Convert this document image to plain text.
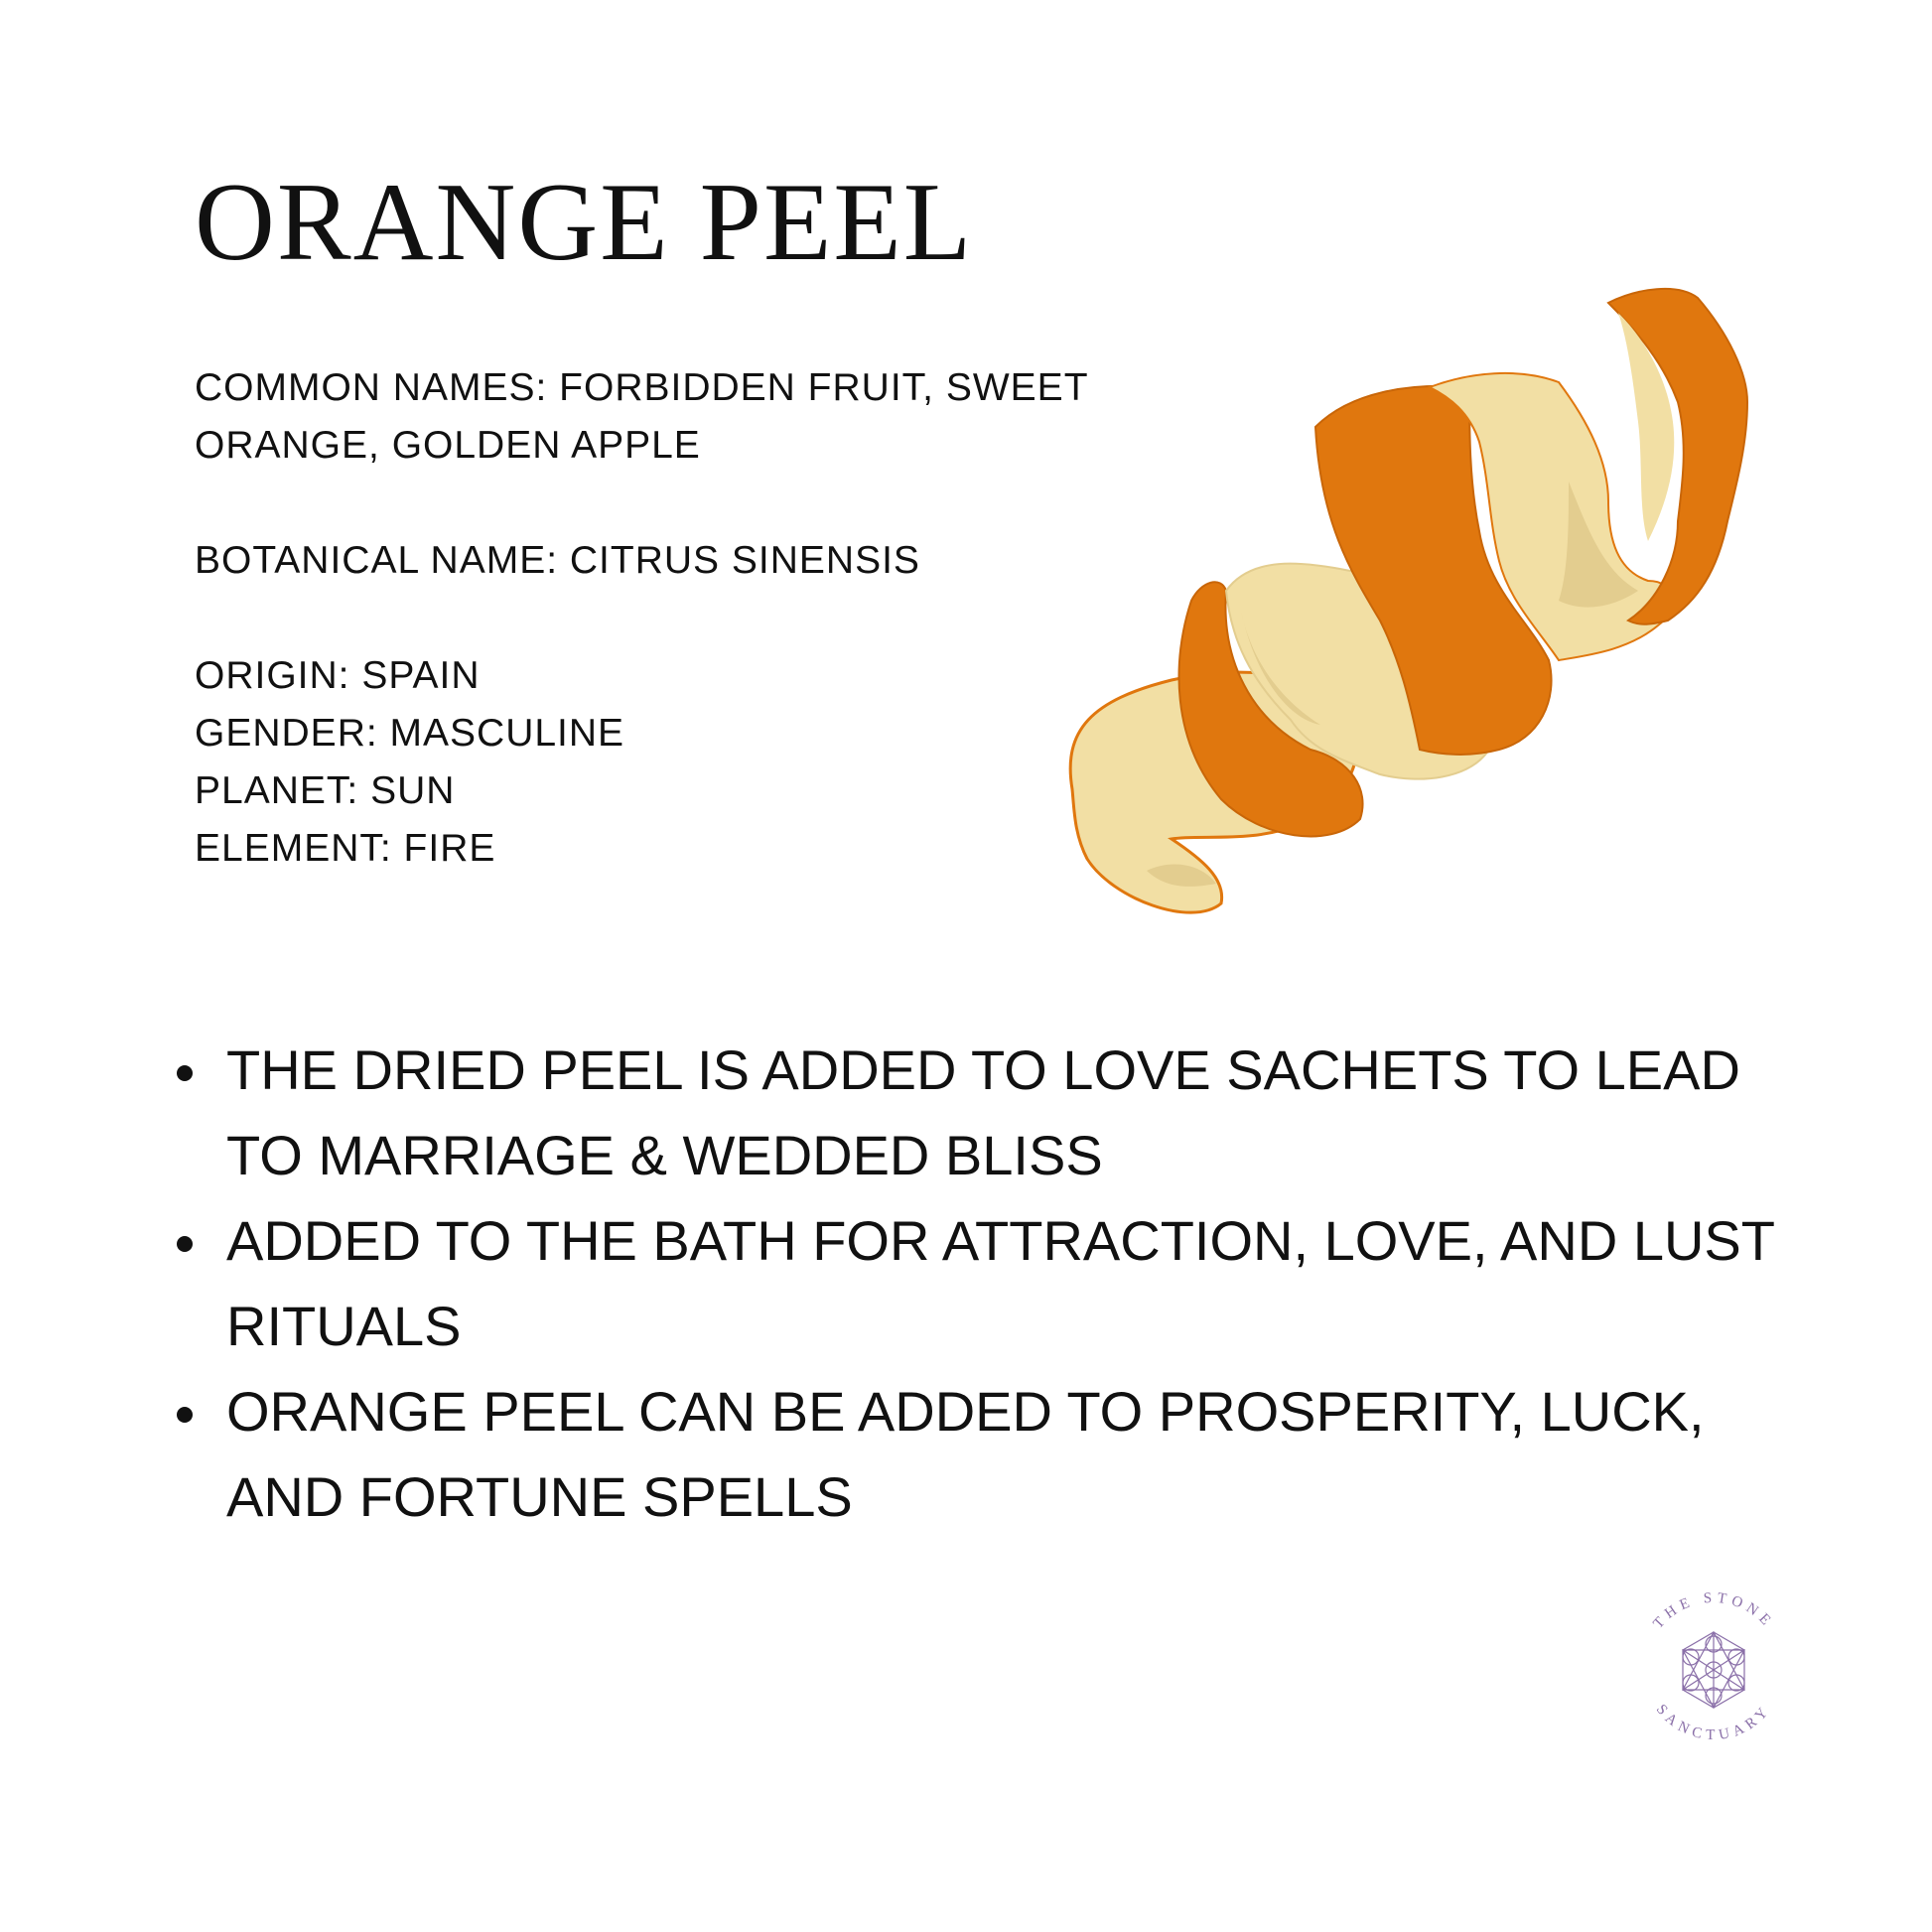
ORANGE PEEL
COMMON NAMES: FORBIDDEN FRUIT, SWEET
ORANGE, GOLDEN APPLE
BOTANICAL NAME: CITRUS SINENSIS
ORIGIN: SPAIN
GENDER: MASCULINE
PLANET: SUN
ELEMENT: FIRE
THE DRIED PEEL IS ADDED TO LOVE SACHETS TO LEAD TO MARRIAGE & WEDDED BLISS
ADDED TO THE BATH FOR ATTRACTION, LOVE, AND LUST RITUALS
ORANGE PEEL CAN BE ADDED TO PROSPERITY, LUCK, AND FORTUNE SPELLS
THE STONE
SANCTUARY
